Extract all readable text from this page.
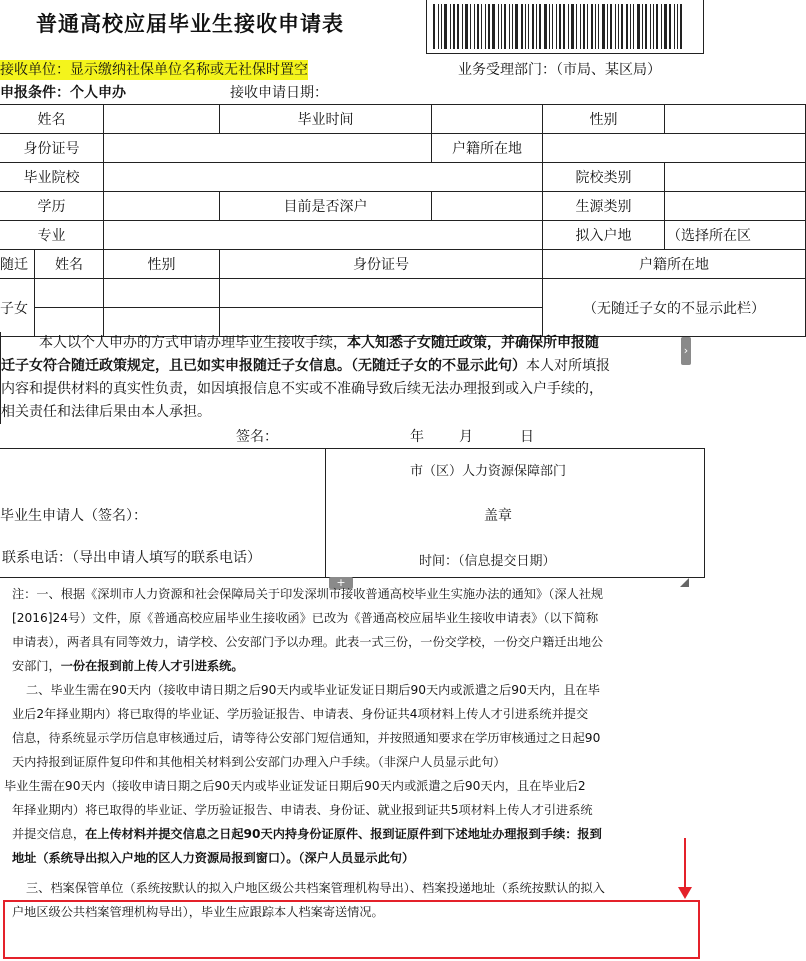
普通高校应届毕业生接收申请表
接收单位：显示缴纳社保单位名称或无社保时置空	业务受理部门：（市局、某区局）
申报条件：个人申办	接收申请日期：
姓名			毕业时间		性别	
身份证号				户籍所在地		
毕业院校					院校类别	
学历			目前是否深户		生源类别	
专业					拟入户地	（选择所在区
随迁	姓名	性别	身份证号		户籍所在地	
子女					（无随迁子女的不显示此栏）	

本人以个人申办的方式申请办理毕业生接收手续，本人知悉子女随迁政策，并确保所申报随
迁子女符合随迁政策规定，且已如实申报随迁子女信息。（无随迁子女的不显示此句）本人对所填报
内容和提供材料的真实性负责，如因填报信息不实或不准确导致后续无法办理报到或入户手续的，
相关责任和法律后果由本人承担。
签名：	年	月	日
毕业生申请人（签名）：
联系电话：（导出申请人填写的联系电话）
市（区）人力资源保障部门
盖章
时间：（信息提交日期）
+
›

注：一、根据《深圳市人力资源和社会保障局关于印发深圳市接收普通高校毕业生实施办法的通知》（深人社规

[2016]24号）文件，原《普通高校应届毕业生接收函》已改为《普通高校应届毕业生接收申请表》（以下简称

申请表），两者具有同等效力，请学校、公安部门予以办理。此表一式三份，一份交学校，一份交户籍迁出地公

安部门，一份在报到前上传人才引进系统。

二、毕业生需在90天内（接收申请日期之后90天内或毕业证发证日期后90天内或派遣之后90天内，且在毕

业后2年择业期内）将已取得的毕业证、学历验证报告、申请表、身份证共4项材料上传人才引进系统并提交

信息，待系统显示学历信息审核通过后，请等待公安部门短信通知，并按照通知要求在学历审核通过之日起90

天内持报到证原件复印件和其他相关材料到公安部门办理入户手续。（非深户人员显示此句）

毕业生需在90天内（接收申请日期之后90天内或毕业证发证日期后90天内或派遣之后90天内，且在毕业后2

年择业期内）将已取得的毕业证、学历验证报告、申请表、身份证、就业报到证共5项材料上传人才引进系统

并提交信息，在上传材料并提交信息之日起90天内持身份证原件、报到证原件到下述地址办理报到手续：报到

地址（系统导出拟入户地的区人力资源局报到窗口）。（深户人员显示此句）

三、档案保管单位（系统按默认的拟入户地区级公共档案管理机构导出）、档案投递地址（系统按默认的拟入

户地区级公共档案管理机构导出），毕业生应跟踪本人档案寄送情况。
